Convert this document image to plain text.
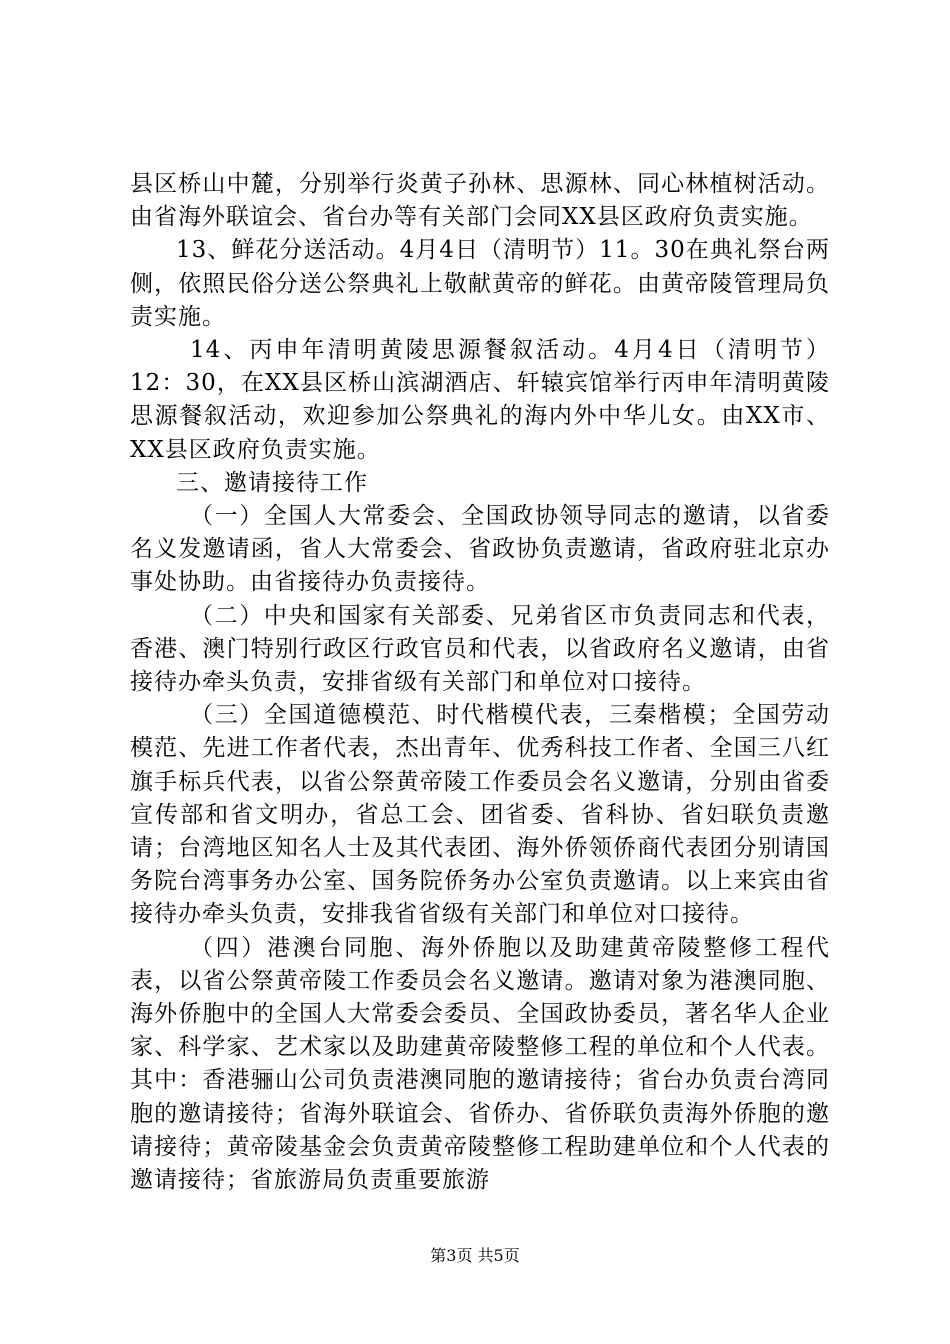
县区桥山中麓，分别举行炎黄子孙林、思源林、同心林植树活动。由省海外联谊会、省台办等有关部门会同XX县区政府负责实施。

13、鲜花分送活动。4月4日（清明节）11。30在典礼祭台两侧，依照民俗分送公祭典礼上敬献黄帝的鲜花。由黄帝陵管理局负责实施。

14、丙申年清明黄陵思源餐叙活动。4月4日（清明节）12：30，在XX县区桥山滨湖酒店、轩辕宾馆举行丙申年清明黄陵思源餐叙活动，欢迎参加公祭典礼的海内外中华儿女。由XX市、XX县区政府负责实施。

三、邀请接待工作

（一）全国人大常委会、全国政协领导同志的邀请，以省委名义发邀请函，省人大常委会、省政协负责邀请，省政府驻北京办事处协助。由省接待办负责接待。

（二）中央和国家有关部委、兄弟省区市负责同志和代表，香港、澳门特别行政区行政官员和代表，以省政府名义邀请，由省接待办牵头负责，安排省级有关部门和单位对口接待。

（三）全国道德模范、时代楷模代表，三秦楷模；全国劳动模范、先进工作者代表，杰出青年、优秀科技工作者、全国三八红旗手标兵代表，以省公祭黄帝陵工作委员会名义邀请，分别由省委宣传部和省文明办，省总工会、团省委、省科协、省妇联负责邀请；台湾地区知名人士及其代表团、海外侨领侨商代表团分别请国务院台湾事务办公室、国务院侨务办公室负责邀请。以上来宾由省接待办牵头负责，安排我省省级有关部门和单位对口接待。

（四）港澳台同胞、海外侨胞以及助建黄帝陵整修工程代表，以省公祭黄帝陵工作委员会名义邀请。邀请对象为港澳同胞、海外侨胞中的全国人大常委会委员、全国政协委员，著名华人企业家、科学家、艺术家以及助建黄帝陵整修工程的单位和个人代表。其中：香港骊山公司负责港澳同胞的邀请接待；省台办负责台湾同胞的邀请接待；省海外联谊会、省侨办、省侨联负责海外侨胞的邀请接待；黄帝陵基金会负责黄帝陵整修工程助建单位和个人代表的邀请接待；省旅游局负责重要旅游

第3页 共5页
